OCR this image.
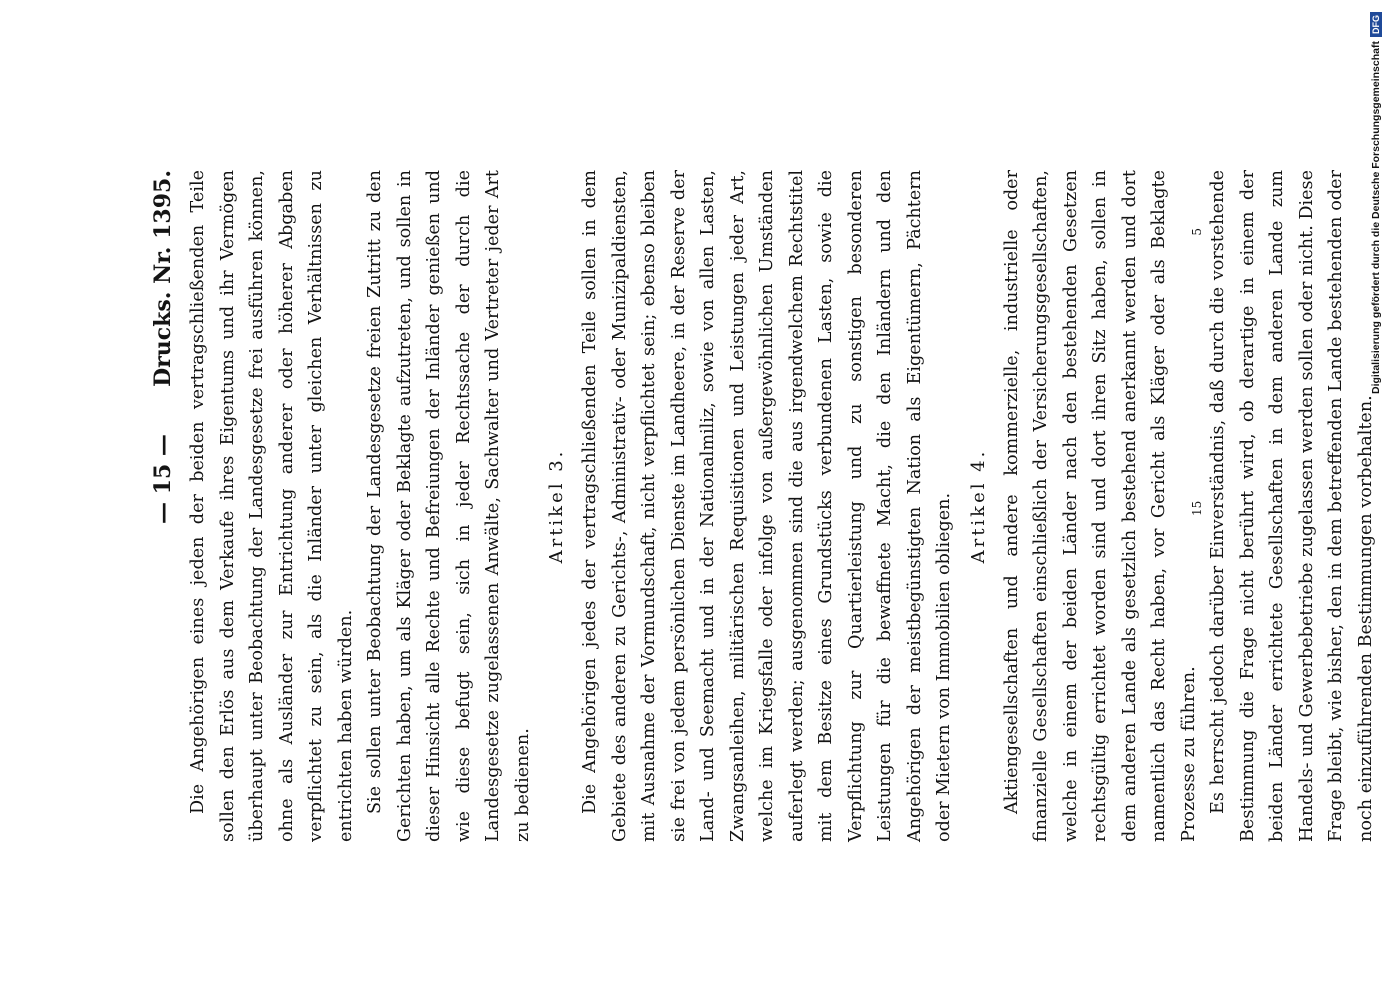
— 15 —
Drucks. Nr. 1395. Die Angehörigen eines jeden der beiden vertragschließenden Teile sollen den Erlös aus dem Verkaufe ihres Eigentums und ihr Vermögen überhaupt unter Beobachtung der Landesgesetze frei ausführen können, ohne als Ausländer zur Entrichtung anderer oder höherer Abgaben verpflichtet zu sein, als die Inländer unter gleichen Verhältnissen zu entrichten haben würden. Sie sollen unter Beobachtung der Landesgesetze freien Zutritt zu den Gerichten haben, um als Kläger oder Beklagte aufzutreten, und sollen in dieser Hinsicht alle Rechte und Befreiungen der Inländer genießen und wie diese befugt sein, sich in jeder Rechtssache der durch die Landesgesetze zugelassenen Anwälte, Sachwalter und Vertreter jeder Art zu bedienen.

Artikel 3. Die Angehörigen jedes der vertragschließenden Teile sollen in dem Gebiete des anderen zu Gerichts-, Administrativ- oder Munizipaldiensten, mit Ausnahme der Vormundschaft, nicht verpflichtet sein; ebenso bleiben sie frei von jedem persönlichen Dienste im Landheere, in der Reserve der Land- und Seemacht und in der Nationalmiliz, sowie von allen Lasten, Zwangsanleihen, militärischen Requisitionen und Leistungen jeder Art, welche im Kriegsfalle oder infolge von außergewöhnlichen Umständen auferlegt werden; ausgenommen sind die aus irgendwelchem Rechtstitel mit dem Besitze eines Grundstücks verbundenen Lasten, sowie die Verpflichtung zur Quartierleistung und zu sonstigen besonderen Leistungen für die bewaffnete Macht, die den Inländern und den Angehörigen der meistbegünstigten Nation als Eigentümern, Pächtern oder Mietern von Immobilien obliegen. Artikel 4. Aktiengesellschaften und andere kommerzielle, industrielle oder finanzielle Gesellschaften einschließlich der Versicherungsgesellschaften, welche in einem der beiden Länder nach den bestehenden Gesetzen rechtsgültig errichtet worden sind und dort ihren Sitz haben, sollen in dem anderen Lande als gesetzlich bestehend anerkannt werden und dort namentlich das Recht haben, vor Gericht als Kläger oder als Beklagte Prozesse zu führen. Es herrscht jedoch darüber Einverständnis, daß durch die vorstehende Bestimmung die Frage nicht berührt wird, ob derartige in einem der beiden Länder errichtete Gesellschaften in dem anderen Lande zum Handels- und Gewerbebetriebe zugelassen werden sollen oder nicht. Diese Frage bleibt, wie bisher, den in dem betreffenden Lande bestehenden oder noch einzuführenden Bestimmungen vorbehalten.

15
5	Digitalisierung gefördert durch die Deutsche ForschungsgemeinschaftDFG
